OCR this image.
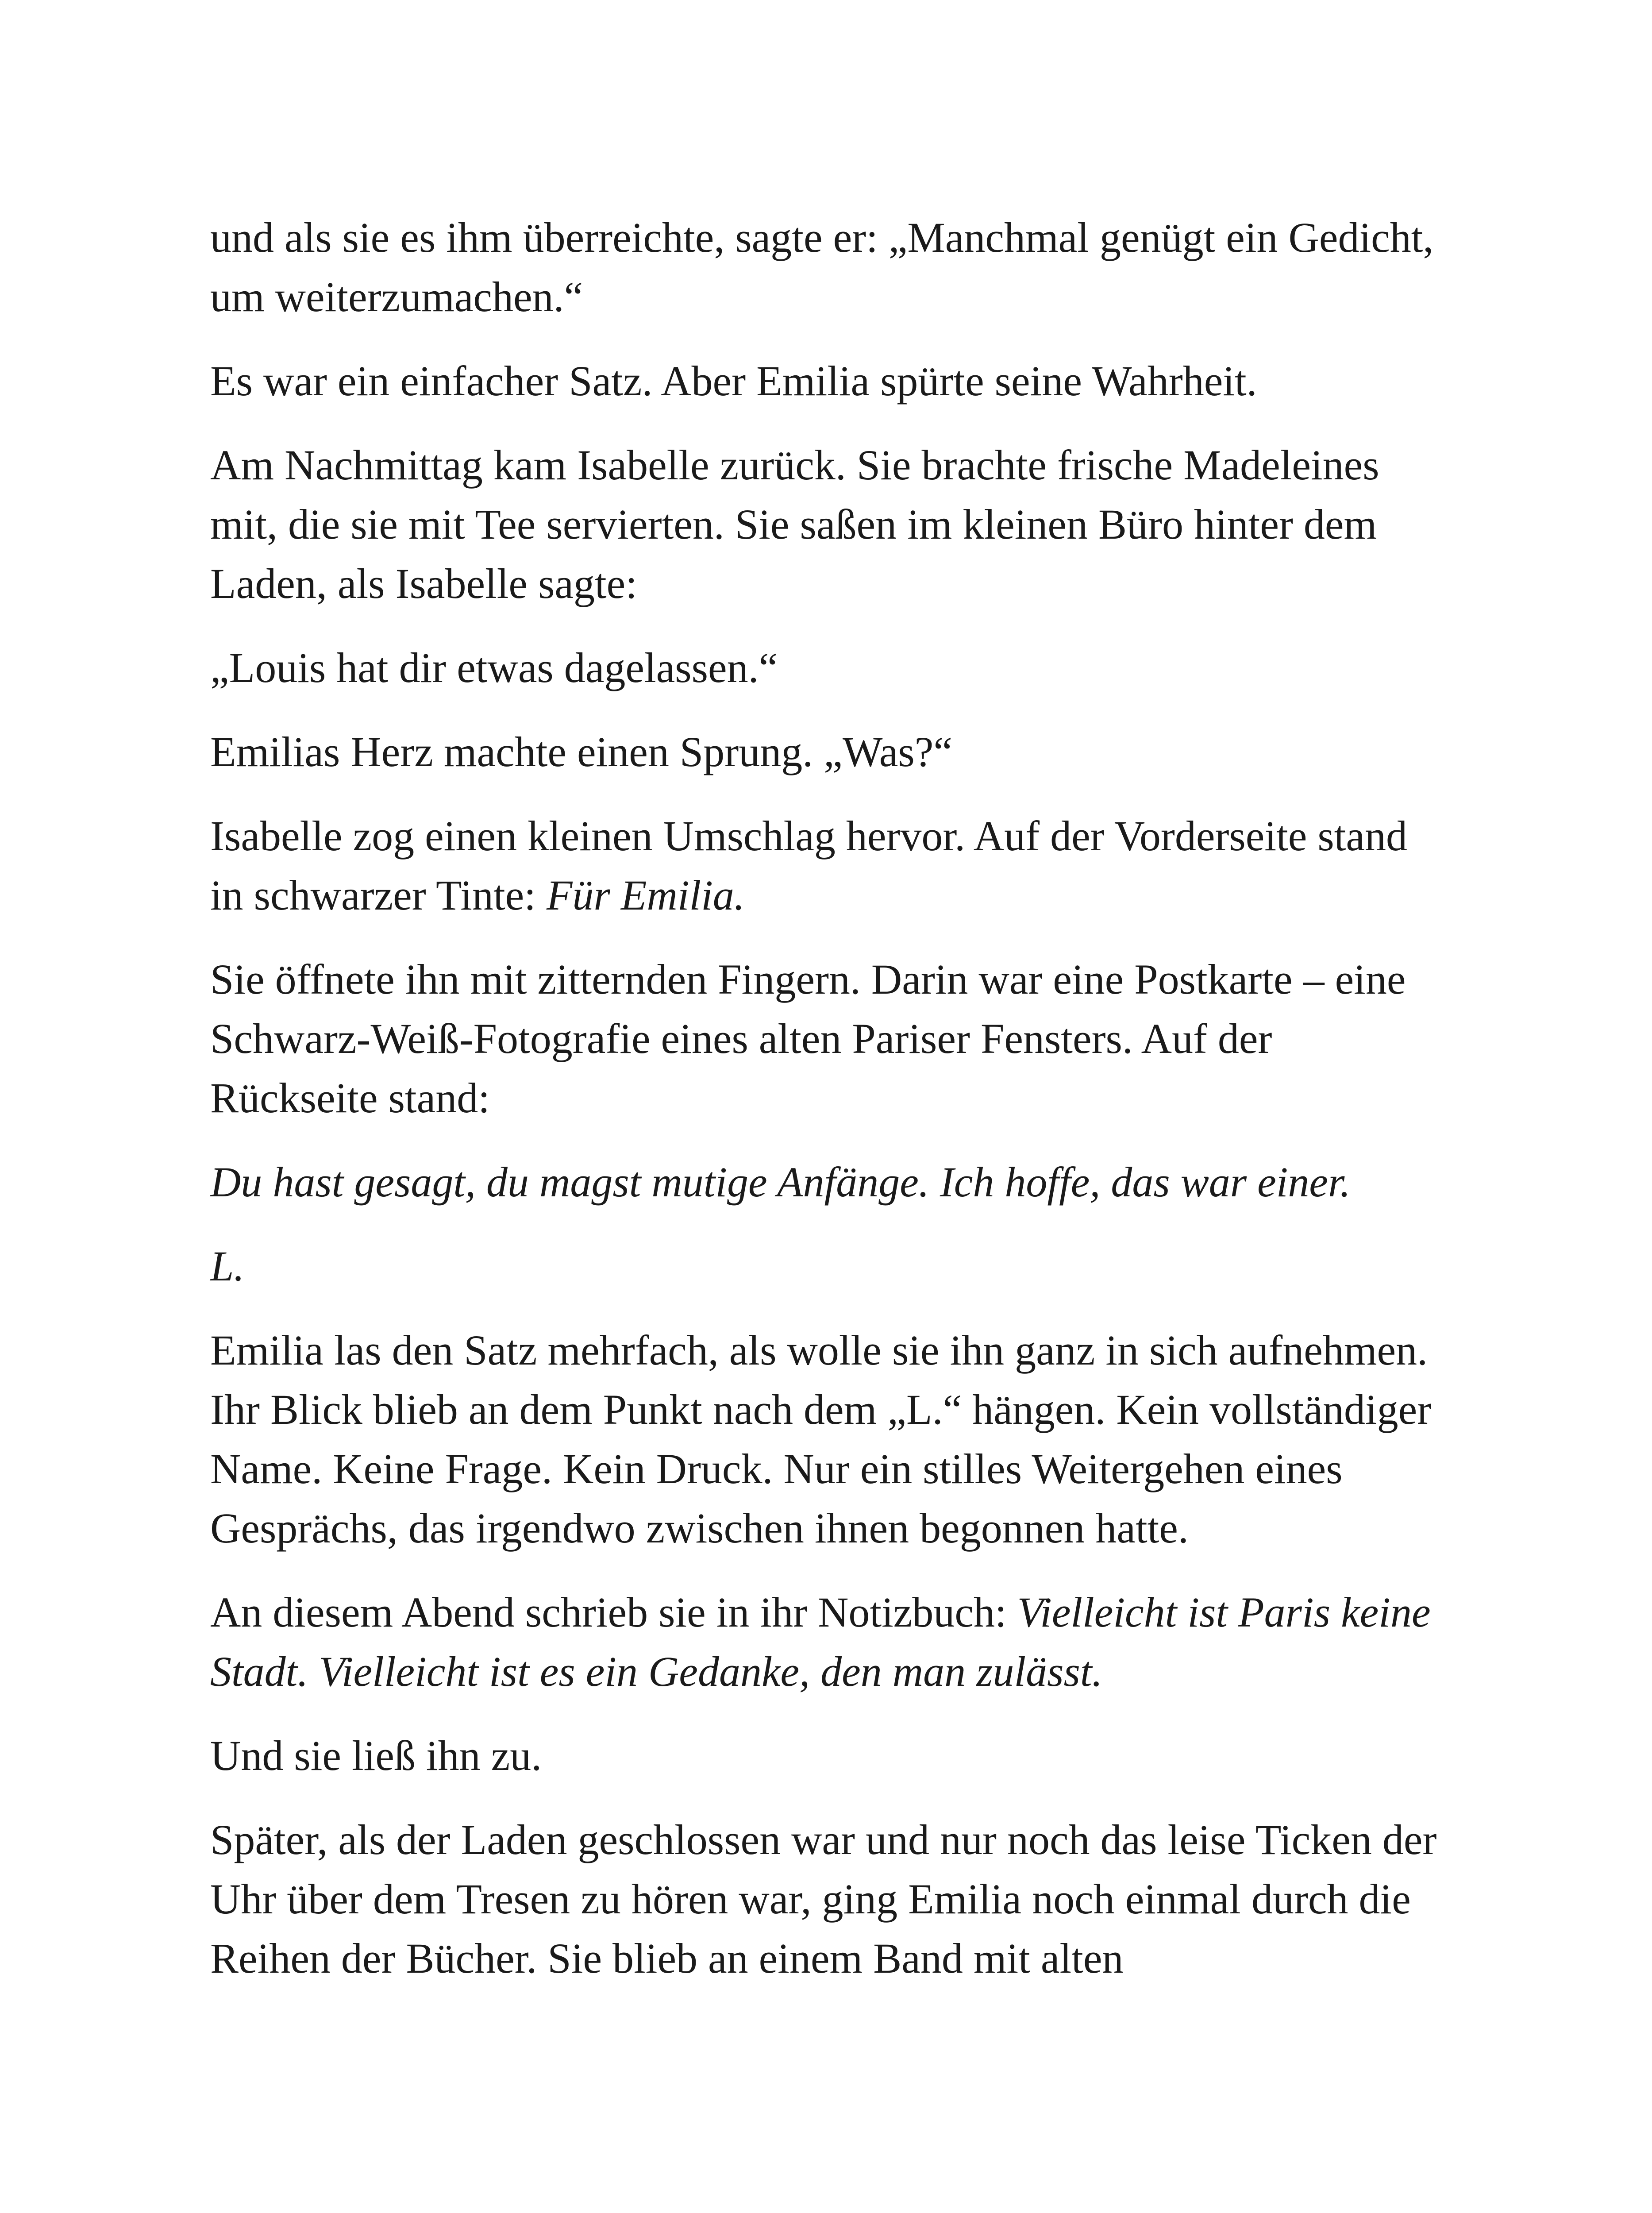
und als sie es ihm überreichte, sagte er: „Manchmal genügt ein Gedicht, um weiterzumachen.“

Es war ein einfacher Satz. Aber Emilia spürte seine Wahrheit.

Am Nachmittag kam Isabelle zurück. Sie brachte frische Madeleines mit, die sie mit Tee servierten. Sie saßen im kleinen Büro hinter dem Laden, als Isabelle sagte:

„Louis hat dir etwas dagelassen.“

Emilias Herz machte einen Sprung. „Was?“

Isabelle zog einen kleinen Umschlag hervor. Auf der Vorderseite stand in schwarzer Tinte: Für Emilia.

Sie öffnete ihn mit zitternden Fingern. Darin war eine Postkarte – eine Schwarz-Weiß-Fotografie eines alten Pariser Fensters. Auf der Rückseite stand:

Du hast gesagt, du magst mutige Anfänge. Ich hoffe, das war einer.

L.

Emilia las den Satz mehrfach, als wolle sie ihn ganz in sich aufnehmen. Ihr Blick blieb an dem Punkt nach dem „L.“ hängen. Kein vollständiger Name. Keine Frage. Kein Druck. Nur ein stilles Weitergehen eines Gesprächs, das irgendwo zwischen ihnen begonnen hatte.

An diesem Abend schrieb sie in ihr Notizbuch: Vielleicht ist Paris keine Stadt. Vielleicht ist es ein Gedanke, den man zulässt.

Und sie ließ ihn zu.

Später, als der Laden geschlossen war und nur noch das leise Ticken der Uhr über dem Tresen zu hören war, ging Emilia noch einmal durch die Reihen der Bücher. Sie blieb an einem Band mit alten
